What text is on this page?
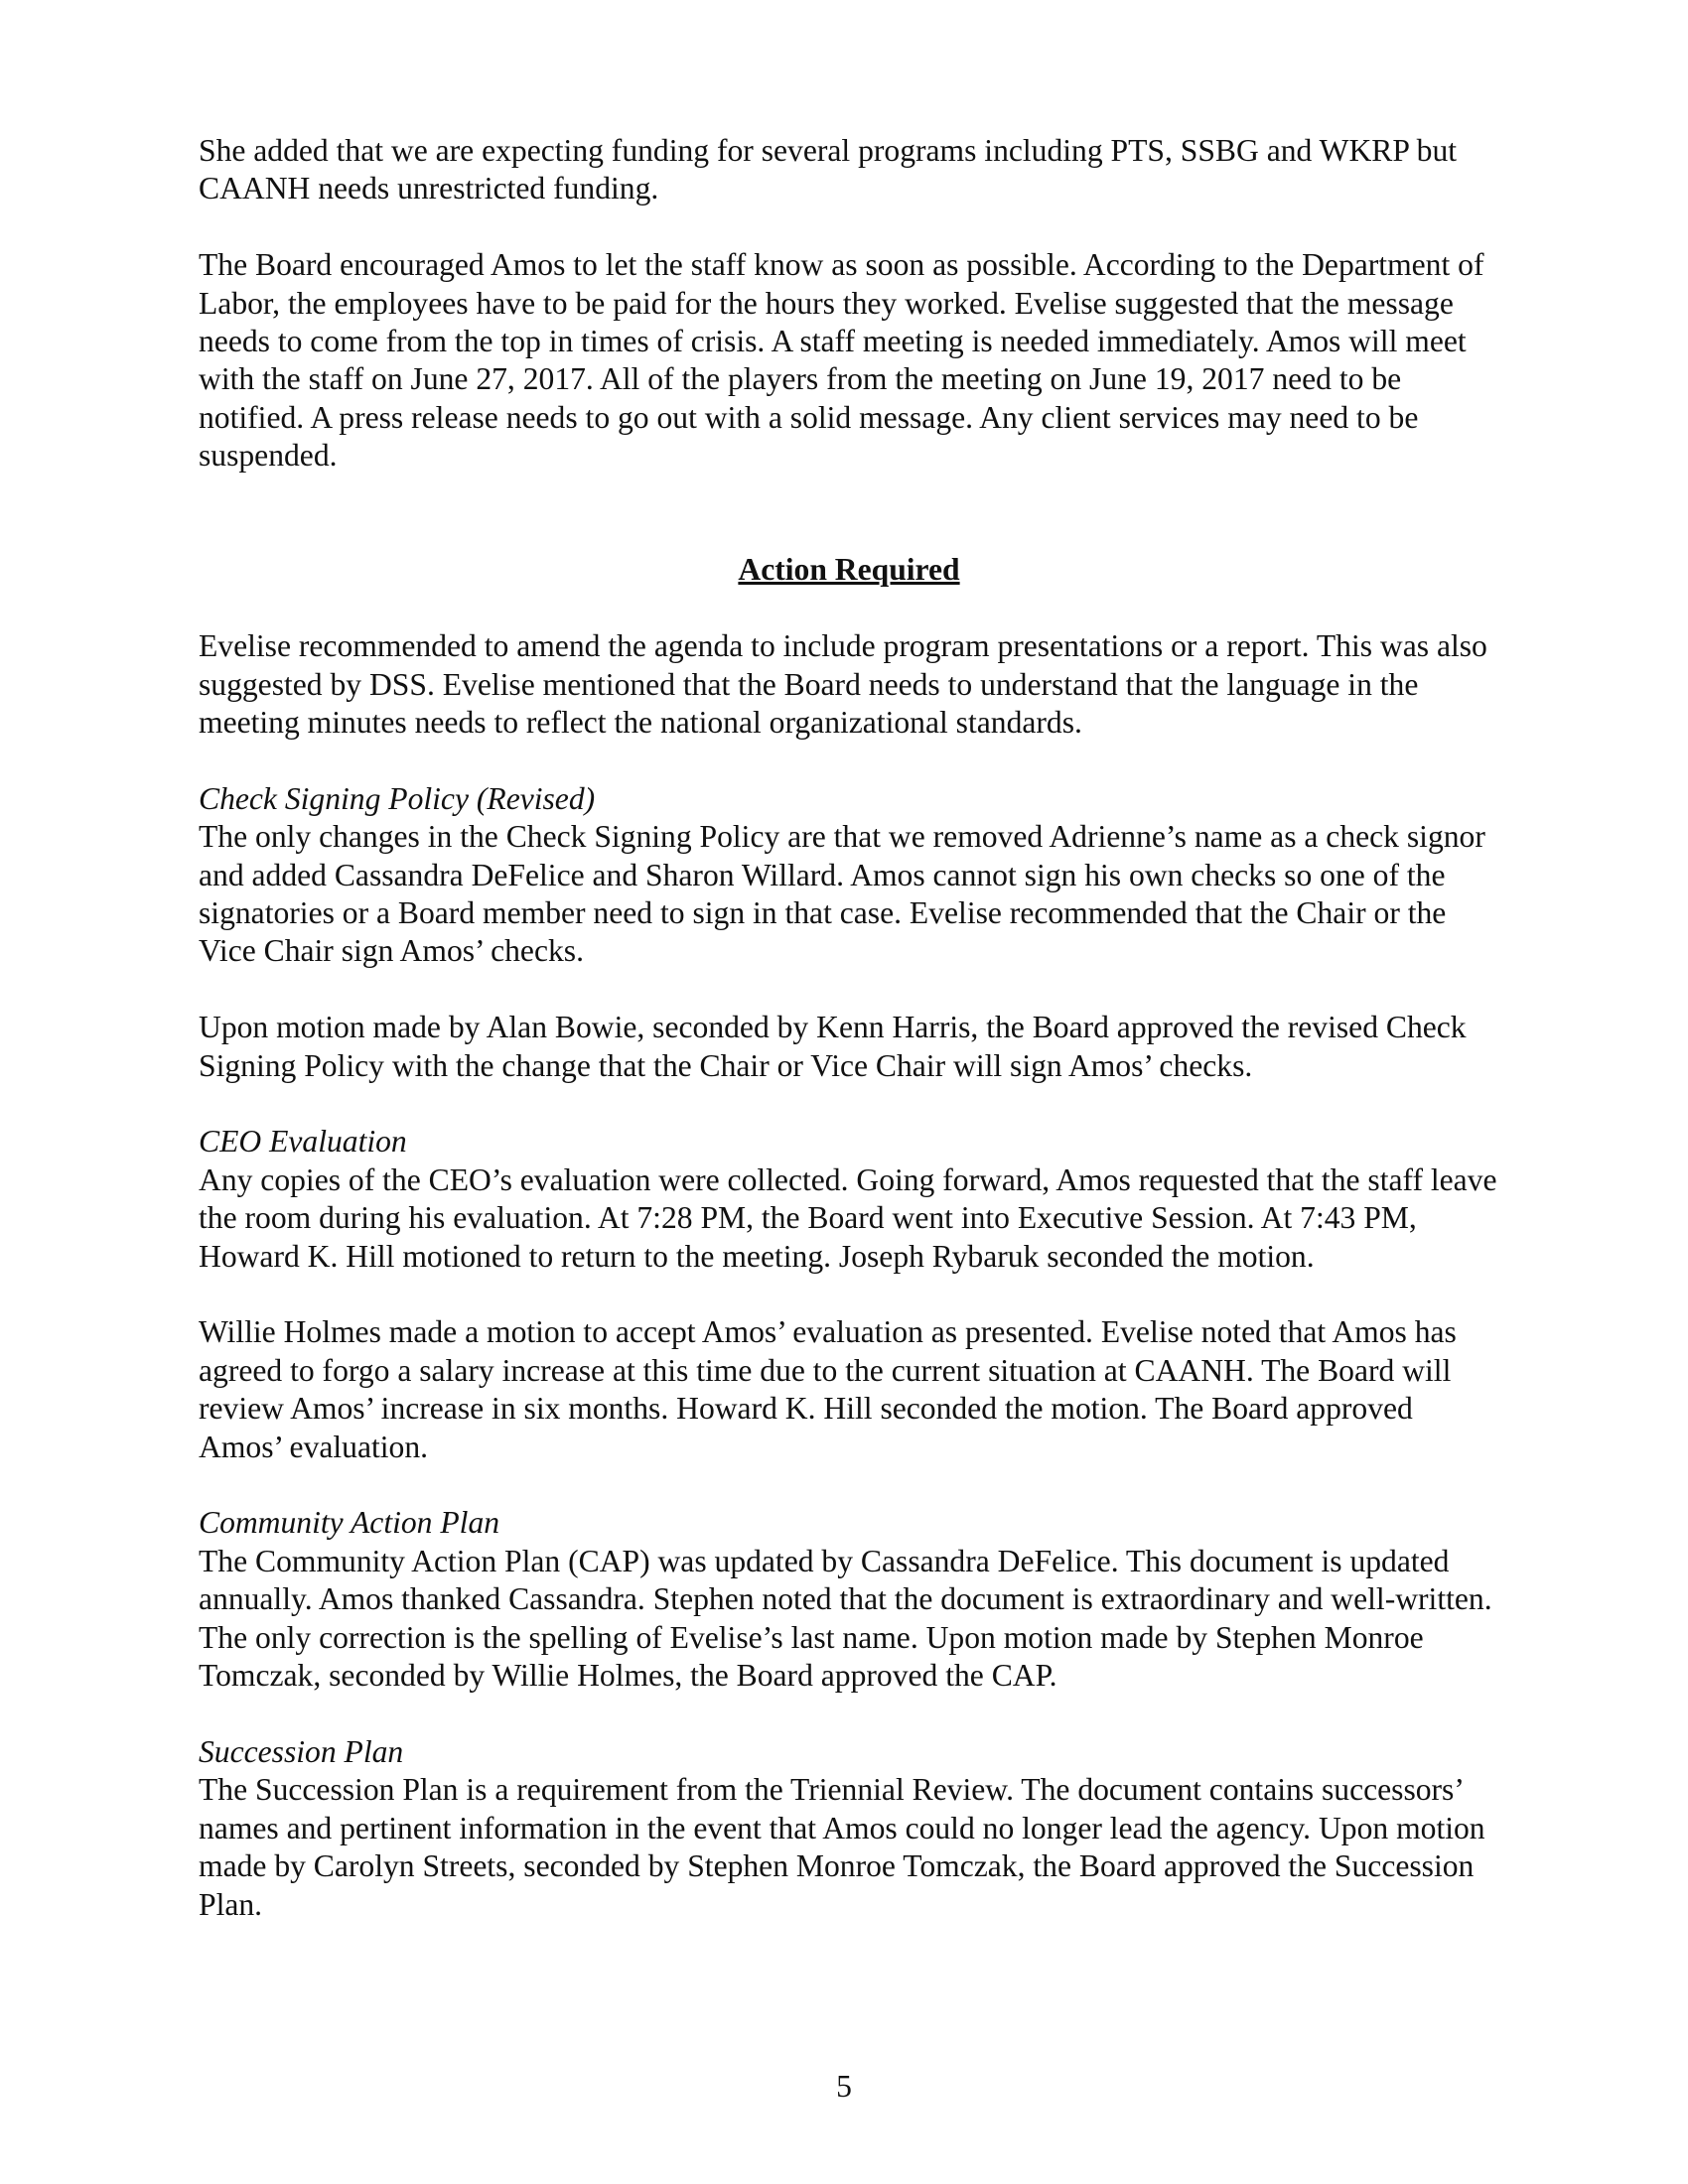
She added that we are expecting funding for several programs including PTS, SSBG and WKRP but CAANH needs unrestricted funding.

The Board encouraged Amos to let the staff know as soon as possible. According to the Department of Labor, the employees have to be paid for the hours they worked. Evelise suggested that the message needs to come from the top in times of crisis. A staff meeting is needed immediately. Amos will meet with the staff on June 27, 2017. All of the players from the meeting on June 19, 2017 need to be notified. A press release needs to go out with a solid message. Any client services may need to be suspended.

Action Required

Evelise recommended to amend the agenda to include program presentations or a report. This was also suggested by DSS. Evelise mentioned that the Board needs to understand that the language in the meeting minutes needs to reflect the national organizational standards.

Check Signing Policy (Revised)

The only changes in the Check Signing Policy are that we removed Adrienne’s name as a check signor and added Cassandra DeFelice and Sharon Willard. Amos cannot sign his own checks so one of the signatories or a Board member need to sign in that case. Evelise recommended that the Chair or the Vice Chair sign Amos’ checks.

Upon motion made by Alan Bowie, seconded by Kenn Harris, the Board approved the revised Check Signing Policy with the change that the Chair or Vice Chair will sign Amos’ checks.

CEO Evaluation

Any copies of the CEO’s evaluation were collected. Going forward, Amos requested that the staff leave the room during his evaluation. At 7:28 PM, the Board went into Executive Session. At 7:43 PM, Howard K. Hill motioned to return to the meeting. Joseph Rybaruk seconded the motion.

Willie Holmes made a motion to accept Amos’ evaluation as presented. Evelise noted that Amos has agreed to forgo a salary increase at this time due to the current situation at CAANH. The Board will review Amos’ increase in six months. Howard K. Hill seconded the motion. The Board approved Amos’ evaluation.

Community Action Plan

The Community Action Plan (CAP) was updated by Cassandra DeFelice. This document is updated annually. Amos thanked Cassandra. Stephen noted that the document is extraordinary and well-written. The only correction is the spelling of Evelise’s last name. Upon motion made by Stephen Monroe Tomczak, seconded by Willie Holmes, the Board approved the CAP.

Succession Plan

The Succession Plan is a requirement from the Triennial Review. The document contains successors’ names and pertinent information in the event that Amos could no longer lead the agency. Upon motion made by Carolyn Streets, seconded by Stephen Monroe Tomczak, the Board approved the Succession Plan.

5
